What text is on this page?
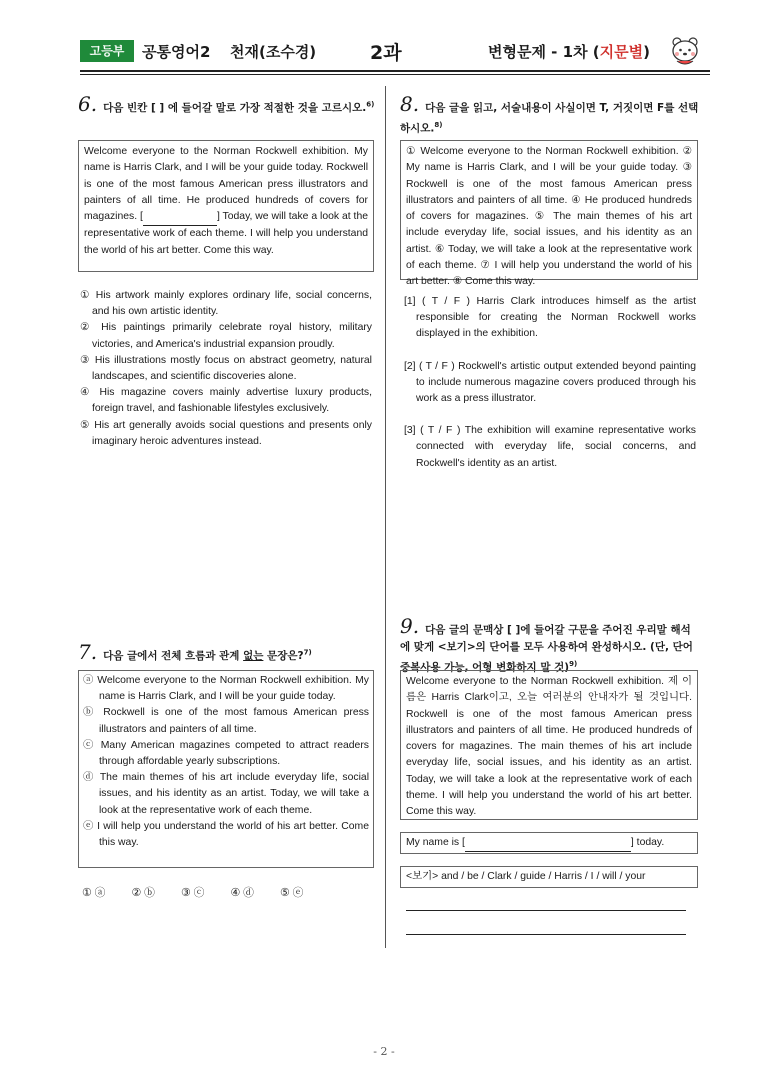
고등부	공통영어2 천재(조수경)	2과	변형문제 - 1차 (지문별)
6. 다음 빈칸 [ ] 에 들어갈 말로 가장 적절한 것을 고르시오.$^{6)}$
Welcome everyone to the Norman Rockwell exhibition. My name is Harris Clark, and I will be your guide today. Rockwell is one of the most famous American press illustrators and painters of all time. He produced hundreds of covers for magazines. [	] Today, we will take a look at the representative work of each theme. I will help you understand the world of his art better. Come this way.
① His artwork mainly explores ordinary life, social concerns, and his own artistic identity.
② His paintings primarily celebrate royal history, military victories, and America's industrial expansion proudly.
③ His illustrations mostly focus on abstract geometry, natural landscapes, and scientific discoveries alone.
④ His magazine covers mainly advertise luxury products, foreign travel, and fashionable lifestyles exclusively.
⑤ His art generally avoids social questions and presents only imaginary heroic adventures instead.
7. 다음 글에서 전체 흐름과 관계 없는 문장은?$^{7)}$
ⓐ Welcome everyone to the Norman Rockwell exhibition. My name is Harris Clark, and I will be your guide today.
ⓑ Rockwell is one of the most famous American press illustrators and painters of all time.
ⓒ Many American magazines competed to attract readers through affordable yearly subscriptions.
ⓓ The main themes of his art include everyday life, social issues, and his identity as an artist. Today, we will take a look at the representative work of each theme.
ⓔ I will help you understand the world of his art better. Come this way.
① ⓐ ② ⓑ ③ ⓒ ④ ⓓ ⑤ ⓔ
8. 다음 글을 읽고, 서술내용이 사실이면 T, 거짓이면 F를 선택하시오.$^{8)}$
① Welcome everyone to the Norman Rockwell exhibition. ② My name is Harris Clark, and I will be your guide today. ③ Rockwell is one of the most famous American press illustrators and painters of all time. ④ He produced hundreds of covers for magazines. ⑤ The main themes of his art include everyday life, social issues, and his identity as an artist. ⑥ Today, we will take a look at the representative work of each theme. ⑦ I will help you understand the world of his art better. ⑧ Come this way.
[1] ( T / F ) Harris Clark introduces himself as the artist responsible for creating the Norman Rockwell works displayed in the exhibition.
[2] ( T / F ) Rockwell's artistic output extended beyond painting to include numerous magazine covers produced through his work as a press illustrator.
[3] ( T / F ) The exhibition will examine representative works connected with everyday life, social concerns, and Rockwell's identity as an artist.
9. 다음 글의 문맥상 [ ]에 들어갈 구문을 주어진 우리말 해석에 맞게 <보기>의 단어를 모두 사용하여 완성하시오. (단, 단어 중복사용 가능, 어형 변화하지 말 것)$^{9)}$
Welcome everyone to the Norman Rockwell exhibition. 제 이름은 Harris Clark이고, 오늘 여러분의 안내자가 될 것입니다. Rockwell is one of the most famous American press illustrators and painters of all time. He produced hundreds of covers for magazines. The main themes of his art include everyday life, social issues, and his identity as an artist. Today, we will take a look at the representative work of each theme. I will help you understand the world of his art better. Come this way.
My name is [	] today.
<보기> and / be / Clark / guide / Harris / I / will / your
- 2 -
